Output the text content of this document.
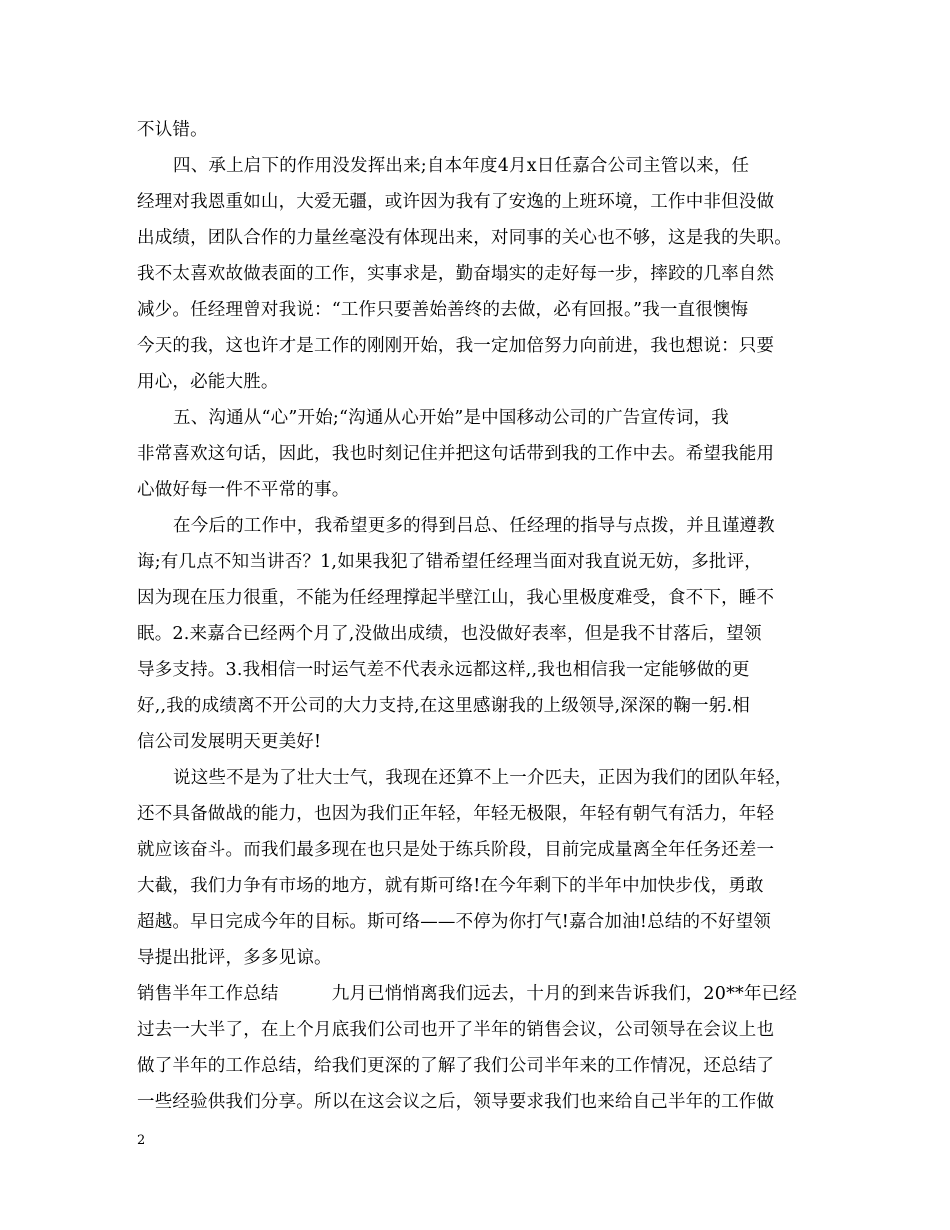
不认错。
四、承上启下的作用没发挥出来;自本年度4月x日任嘉合公司主管以来，任
经理对我恩重如山，大爱无疆，或许因为我有了安逸的上班环境，工作中非但没做
出成绩，团队合作的力量丝毫没有体现出来，对同事的关心也不够，这是我的失职。
我不太喜欢故做表面的工作，实事求是，勤奋塌实的走好每一步，摔跤的几率自然
减少。任经理曾对我说：“工作只要善始善终的去做，必有回报。”我一直很懊悔
今天的我，这也许才是工作的刚刚开始，我一定加倍努力向前进，我也想说：只要
用心，必能大胜。
五、沟通从“心”开始;“沟通从心开始”是中国移动公司的广告宣传词，我
非常喜欢这句话，因此，我也时刻记住并把这句话带到我的工作中去。希望我能用
心做好每一件不平常的事。
在今后的工作中，我希望更多的得到吕总、任经理的指导与点拨，并且谨遵教
诲;有几点不知当讲否？1,如果我犯了错希望任经理当面对我直说无妨，多批评，
因为现在压力很重，不能为任经理撑起半壁江山，我心里极度难受，食不下，睡不
眠。2.来嘉合已经两个月了,没做出成绩，也没做好表率，但是我不甘落后，望领
导多支持。3.我相信一时运气差不代表永远都这样,,我也相信我一定能够做的更
好,,我的成绩离不开公司的大力支持,在这里感谢我的上级领导,深深的鞠一躬.相
信公司发展明天更美好!
说这些不是为了壮大士气，我现在还算不上一介匹夫，正因为我们的团队年轻，
还不具备做战的能力，也因为我们正年轻，年轻无极限，年轻有朝气有活力，年轻
就应该奋斗。而我们最多现在也只是处于练兵阶段，目前完成量离全年任务还差一
大截，我们力争有市场的地方，就有斯可络!在今年剩下的半年中加快步伐，勇敢
超越。早日完成今年的目标。斯可络——不停为你打气!嘉合加油!总结的不好望领
导提出批评，多多见谅。
销售半年工作总结　　　九月已悄悄离我们远去，十月的到来告诉我们，20**年已经
过去一大半了，在上个月底我们公司也开了半年的销售会议，公司领导在会议上也
做了半年的工作总结，给我们更深的了解了我们公司半年来的工作情况，还总结了
一些经验供我们分享。所以在这会议之后，领导要求我们也来给自己半年的工作做
2
